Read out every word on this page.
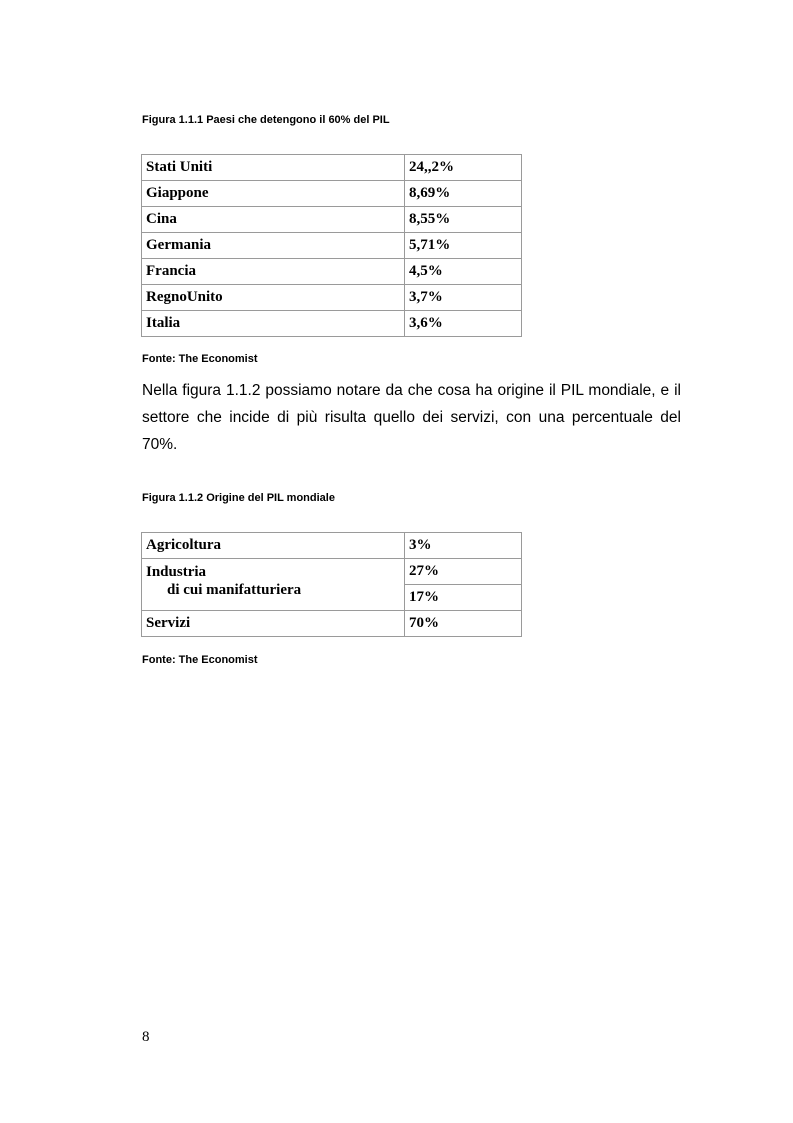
Figura 1.1.1 Paesi che detengono il 60% del PIL
Stati Uniti	24,,2%
Giappone	8,69%
Cina	8,55%
Germania	5,71%
Francia	4,5%
RegnoUnito	3,7%
Italia	3,6%
Fonte: The Economist
Nella figura 1.1.2 possiamo notare da che cosa ha origine il PIL mondiale, e il settore che incide di più risulta quello dei servizi, con una percentuale del 70%.
Figura 1.1.2 Origine del PIL mondiale
Agricoltura	3%

Industria
di cui manifatturiera	27%
	17%
Servizi	70%
Fonte: The Economist
8
